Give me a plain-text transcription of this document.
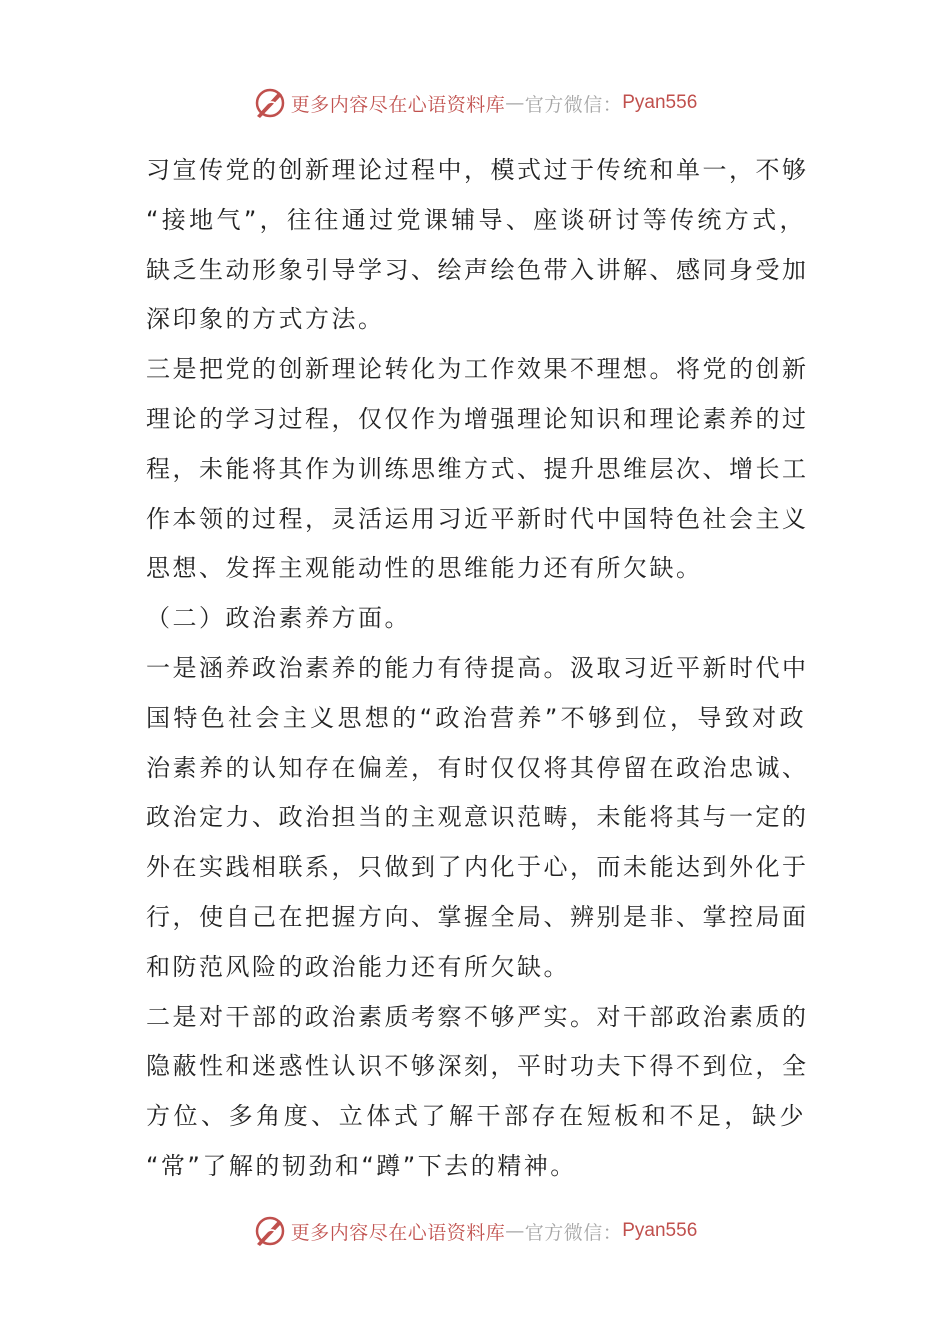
更多内容尽在心语资料库 — 官方微信： Pyan556
习宣传党的创新理论过程中，模式过于传统和单一，不够
“接地气”，往往通过党课辅导、座谈研讨等传统方式，
缺乏生动形象引导学习、绘声绘色带入讲解、感同身受加
深印象的方式方法。
三是把党的创新理论转化为工作效果不理想。将党的创新
理论的学习过程，仅仅作为增强理论知识和理论素养的过
程，未能将其作为训练思维方式、提升思维层次、增长工
作本领的过程，灵活运用习近平新时代中国特色社会主义
思想、发挥主观能动性的思维能力还有所欠缺。
（二）政治素养方面。
一是涵养政治素养的能力有待提高。汲取习近平新时代中
国特色社会主义思想的“政治营养”不够到位，导致对政
治素养的认知存在偏差，有时仅仅将其停留在政治忠诚、
政治定力、政治担当的主观意识范畴，未能将其与一定的
外在实践相联系，只做到了内化于心，而未能达到外化于
行，使自己在把握方向、掌握全局、辨别是非、掌控局面
和防范风险的政治能力还有所欠缺。
二是对干部的政治素质考察不够严实。对干部政治素质的
隐蔽性和迷惑性认识不够深刻，平时功夫下得不到位，全
方位、多角度、立体式了解干部存在短板和不足，缺少
“常”了解的韧劲和“蹲”下去的精神。
更多内容尽在心语资料库 — 官方微信： Pyan556
